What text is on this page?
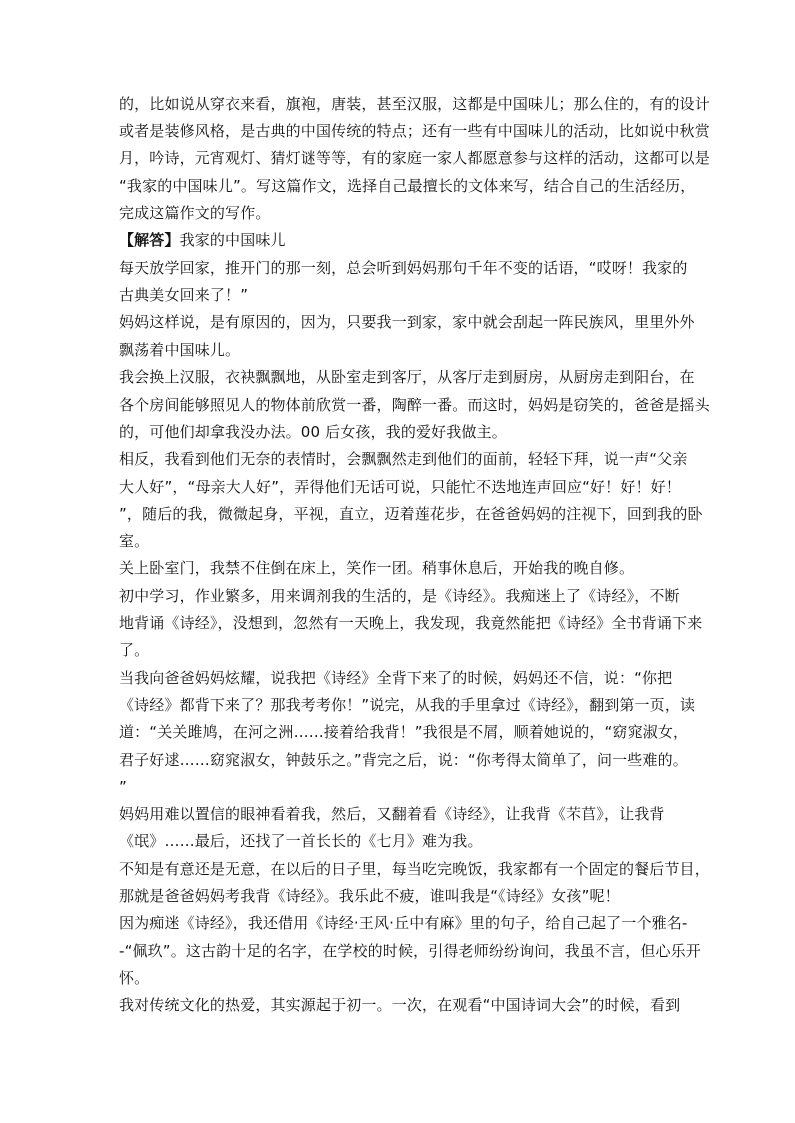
的，比如说从穿衣来看，旗袍，唐装，甚至汉服，这都是中国味儿；那么住的，有的设计
或者是装修风格，是古典的中国传统的特点；还有一些有中国味儿的活动，比如说中秋赏
月，吟诗，元宵观灯、猜灯谜等等，有的家庭一家人都愿意参与这样的活动，这都可以是
“我家的中国味儿”。写这篇作文，选择自己最擅长的文体来写，结合自己的生活经历，
完成这篇作文的写作。
【解答】我家的中国味儿
每天放学回家，推开门的那一刻，总会听到妈妈那句千年不变的话语，“哎呀！我家的
古典美女回来了！”
妈妈这样说，是有原因的，因为，只要我一到家，家中就会刮起一阵民族风，里里外外
飘荡着中国味儿。
我会换上汉服，衣袂飘飘地，从卧室走到客厅，从客厅走到厨房，从厨房走到阳台，在
各个房间能够照见人的物体前欣赏一番，陶醉一番。而这时，妈妈是窃笑的，爸爸是摇头
的，可他们却拿我没办法。00 后女孩，我的爱好我做主。
相反，我看到他们无奈的表情时，会飘飘然走到他们的面前，轻轻下拜，说一声“父亲
大人好”，“母亲大人好”，弄得他们无话可说，只能忙不迭地连声回应“好！好！好！
”，随后的我，微微起身，平视，直立，迈着莲花步，在爸爸妈妈的注视下，回到我的卧
室。
关上卧室门，我禁不住倒在床上，笑作一团。稍事休息后，开始我的晚自修。
初中学习，作业繁多，用来调剂我的生活的，是《诗经》。我痴迷上了《诗经》，不断
地背诵《诗经》，没想到，忽然有一天晚上，我发现，我竟然能把《诗经》全书背诵下来
了。
当我向爸爸妈妈炫耀，说我把《诗经》全背下来了的时候，妈妈还不信，说：“你把
《诗经》都背下来了？那我考考你！”说完，从我的手里拿过《诗经》，翻到第一页，读
道：“关关雎鸠，在河之洲……接着给我背！”我很是不屑，顺着她说的，“窈窕淑女，
君子好逑……窈窕淑女，钟鼓乐之。”背完之后，说：“你考得太简单了，问一些难的。
”
妈妈用难以置信的眼神看着我，然后，又翻着看《诗经》，让我背《芣苢》，让我背
《氓》……最后，还找了一首长长的《七月》难为我。
不知是有意还是无意，在以后的日子里，每当吃完晚饭，我家都有一个固定的餐后节目，
那就是爸爸妈妈考我背《诗经》。我乐此不疲，谁叫我是“《诗经》女孩”呢！
因为痴迷《诗经》，我还借用《诗经·王风·丘中有麻》里的句子，给自己起了一个雅名-
-“佩玖”。这古韵十足的名字，在学校的时候，引得老师纷纷询问，我虽不言，但心乐开
怀。
我对传统文化的热爱，其实源起于初一。一次，在观看“中国诗词大会”的时候，看到
